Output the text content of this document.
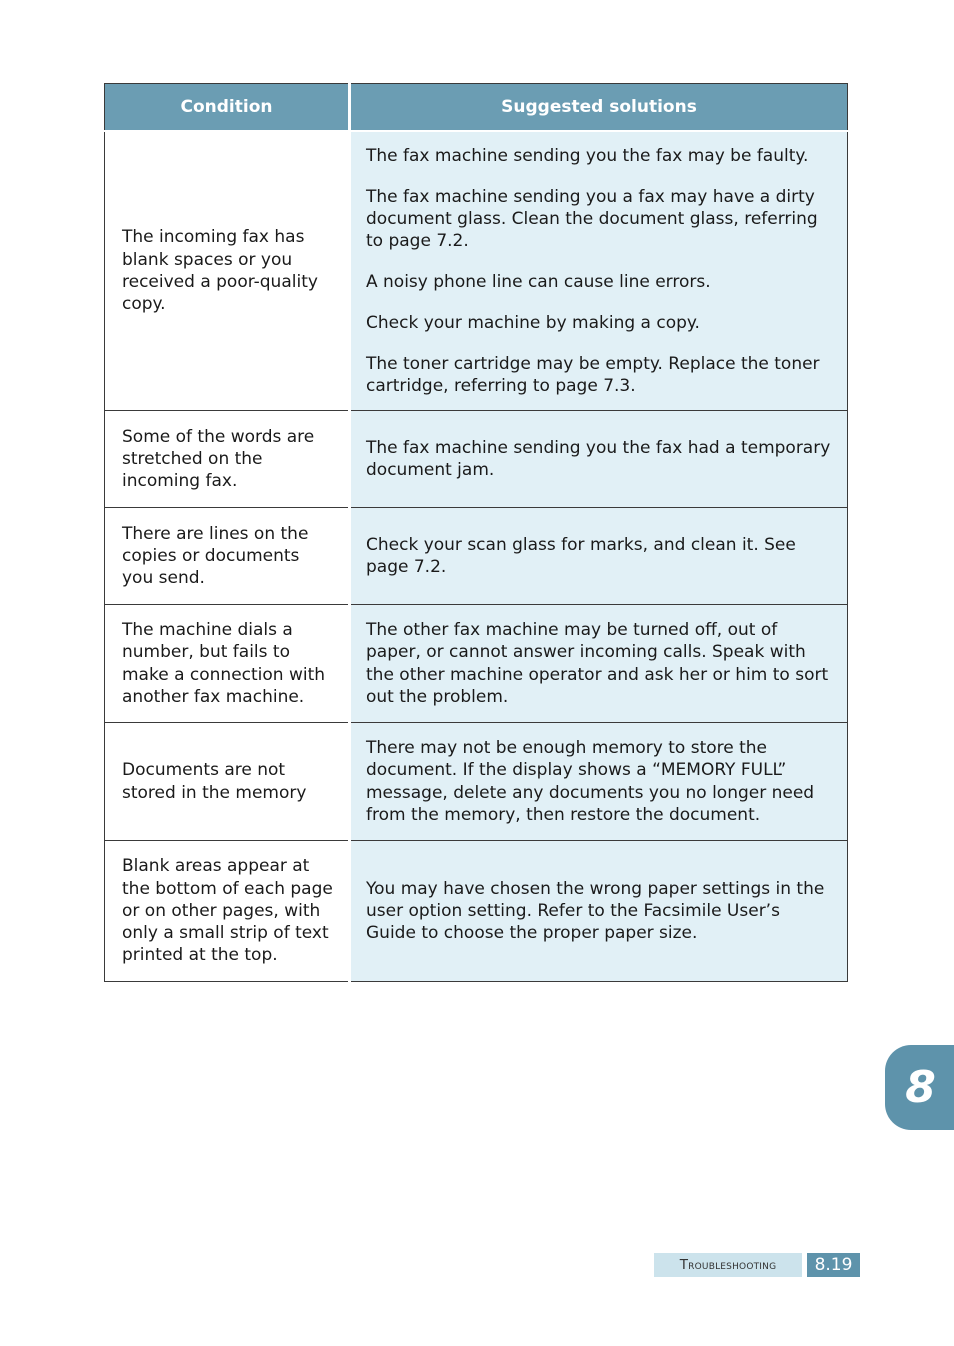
Condition	Suggested solutions
The incoming fax has blank spaces or you received a poor-quality copy.	The fax machine sending you the fax may be faulty.

The fax machine sending you a fax may have a dirty document glass. Clean the document glass, referring to page 7.2.

A noisy phone line can cause line errors.

Check your machine by making a copy.

The toner cartridge may be empty. Replace the toner cartridge, referring to page 7.3.

Some of the words are stretched on the incoming fax.	The fax machine sending you the fax had a temporary document jam.

There are lines on the copies or documents you send.	Check your scan glass for marks, and clean it. See page 7.2.

The machine dials a number, but fails to make a connection with another fax machine.	The other fax machine may be turned off, out of paper, or cannot answer incoming calls. Speak with the other machine operator and ask her or him to sort out the problem.

Documents are not stored in the memory	There may not be enough memory to store the document. If the display shows a “MEMORY FULL” message, delete any documents you no longer need from the memory, then restore the document.

Blank areas appear at the bottom of each page or on other pages, with only a small strip of text printed at the top.	You may have chosen the wrong paper settings in the user option setting. Refer to the Facsimile User’s Guide to choose the proper paper size.

8
Troubleshooting	8.19
